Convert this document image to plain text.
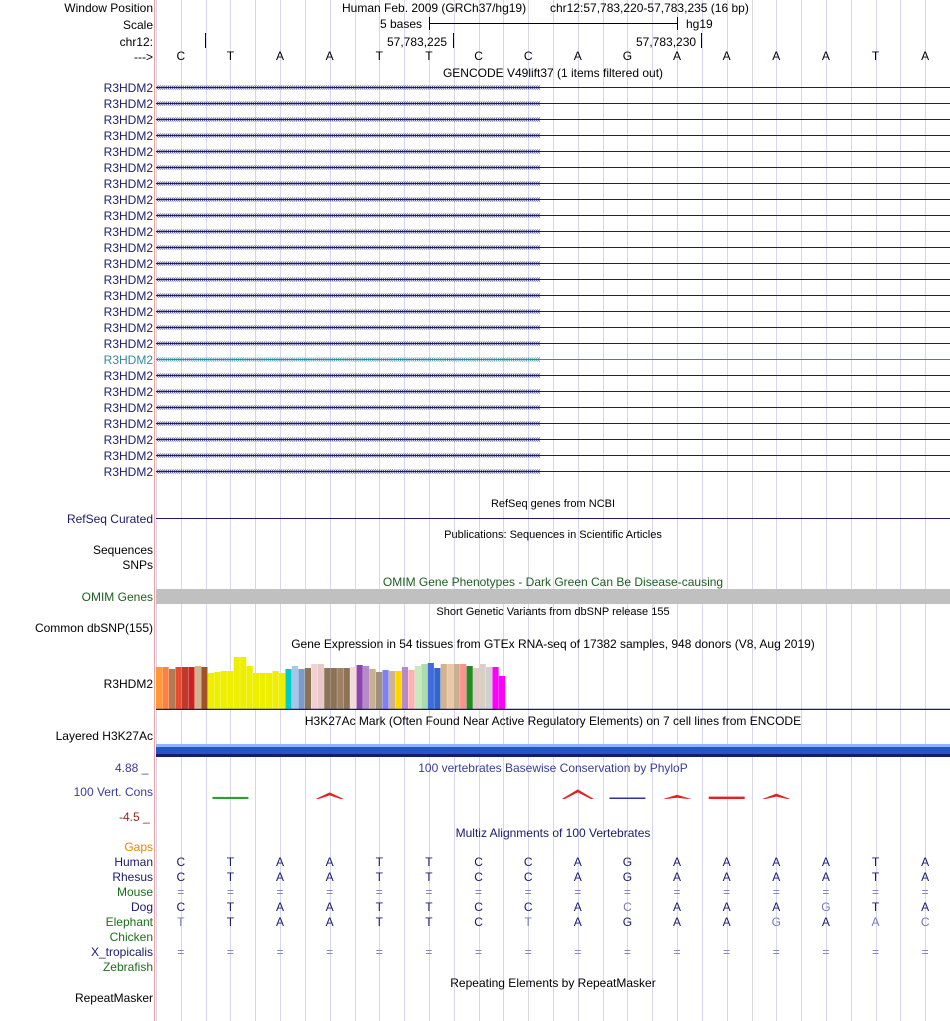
Window Position	Human Feb. 2009 (GRCh37/hg19) chr12:57,783,220-57,783,235 (16 bp)
Scale	5 bases	hg19
chr12:	57,783,225	57,783,230
--->	C	T	A	A	T	T	C	C	A	G	A	A	A	A	T	A
GENCODE V49lift37 (1 items filtered out)
R3HDM2 ‹‹‹‹‹‹‹‹‹‹‹‹‹‹‹‹‹‹‹‹‹‹‹‹‹‹‹‹‹‹‹‹‹‹‹‹‹‹‹‹‹‹‹‹‹‹‹‹‹‹‹‹‹‹‹‹‹‹‹‹‹‹‹‹‹‹‹‹‹‹‹‹‹‹‹‹‹‹‹‹‹‹‹‹‹‹‹‹‹‹‹‹‹‹‹‹‹‹‹‹‹‹‹‹‹‹‹‹‹‹‹‹‹‹‹‹‹‹‹‹‹‹‹‹‹‹‹‹‹‹‹‹‹‹‹‹‹‹‹‹‹‹‹‹‹‹‹‹‹‹‹‹‹‹‹‹‹‹‹‹‹‹‹‹‹‹‹‹‹‹‹‹‹‹‹‹‹‹‹‹
R3HDM2 ‹‹‹‹‹‹‹‹‹‹‹‹‹‹‹‹‹‹‹‹‹‹‹‹‹‹‹‹‹‹‹‹‹‹‹‹‹‹‹‹‹‹‹‹‹‹‹‹‹‹‹‹‹‹‹‹‹‹‹‹‹‹‹‹‹‹‹‹‹‹‹‹‹‹‹‹‹‹‹‹‹‹‹‹‹‹‹‹‹‹‹‹‹‹‹‹‹‹‹‹‹‹‹‹‹‹‹‹‹‹‹‹‹‹‹‹‹‹‹‹‹‹‹‹‹‹‹‹‹‹‹‹‹‹‹‹‹‹‹‹‹‹‹‹‹‹‹‹‹‹‹‹‹‹‹‹‹‹‹‹‹‹‹‹‹‹‹‹‹‹‹‹‹‹‹‹‹‹‹‹
R3HDM2 ‹‹‹‹‹‹‹‹‹‹‹‹‹‹‹‹‹‹‹‹‹‹‹‹‹‹‹‹‹‹‹‹‹‹‹‹‹‹‹‹‹‹‹‹‹‹‹‹‹‹‹‹‹‹‹‹‹‹‹‹‹‹‹‹‹‹‹‹‹‹‹‹‹‹‹‹‹‹‹‹‹‹‹‹‹‹‹‹‹‹‹‹‹‹‹‹‹‹‹‹‹‹‹‹‹‹‹‹‹‹‹‹‹‹‹‹‹‹‹‹‹‹‹‹‹‹‹‹‹‹‹‹‹‹‹‹‹‹‹‹‹‹‹‹‹‹‹‹‹‹‹‹‹‹‹‹‹‹‹‹‹‹‹‹‹‹‹‹‹‹‹‹‹‹‹‹‹‹‹‹
R3HDM2 ‹‹‹‹‹‹‹‹‹‹‹‹‹‹‹‹‹‹‹‹‹‹‹‹‹‹‹‹‹‹‹‹‹‹‹‹‹‹‹‹‹‹‹‹‹‹‹‹‹‹‹‹‹‹‹‹‹‹‹‹‹‹‹‹‹‹‹‹‹‹‹‹‹‹‹‹‹‹‹‹‹‹‹‹‹‹‹‹‹‹‹‹‹‹‹‹‹‹‹‹‹‹‹‹‹‹‹‹‹‹‹‹‹‹‹‹‹‹‹‹‹‹‹‹‹‹‹‹‹‹‹‹‹‹‹‹‹‹‹‹‹‹‹‹‹‹‹‹‹‹‹‹‹‹‹‹‹‹‹‹‹‹‹‹‹‹‹‹‹‹‹‹‹‹‹‹‹‹‹‹
R3HDM2 ‹‹‹‹‹‹‹‹‹‹‹‹‹‹‹‹‹‹‹‹‹‹‹‹‹‹‹‹‹‹‹‹‹‹‹‹‹‹‹‹‹‹‹‹‹‹‹‹‹‹‹‹‹‹‹‹‹‹‹‹‹‹‹‹‹‹‹‹‹‹‹‹‹‹‹‹‹‹‹‹‹‹‹‹‹‹‹‹‹‹‹‹‹‹‹‹‹‹‹‹‹‹‹‹‹‹‹‹‹‹‹‹‹‹‹‹‹‹‹‹‹‹‹‹‹‹‹‹‹‹‹‹‹‹‹‹‹‹‹‹‹‹‹‹‹‹‹‹‹‹‹‹‹‹‹‹‹‹‹‹‹‹‹‹‹‹‹‹‹‹‹‹‹‹‹‹‹‹‹‹
R3HDM2 ‹‹‹‹‹‹‹‹‹‹‹‹‹‹‹‹‹‹‹‹‹‹‹‹‹‹‹‹‹‹‹‹‹‹‹‹‹‹‹‹‹‹‹‹‹‹‹‹‹‹‹‹‹‹‹‹‹‹‹‹‹‹‹‹‹‹‹‹‹‹‹‹‹‹‹‹‹‹‹‹‹‹‹‹‹‹‹‹‹‹‹‹‹‹‹‹‹‹‹‹‹‹‹‹‹‹‹‹‹‹‹‹‹‹‹‹‹‹‹‹‹‹‹‹‹‹‹‹‹‹‹‹‹‹‹‹‹‹‹‹‹‹‹‹‹‹‹‹‹‹‹‹‹‹‹‹‹‹‹‹‹‹‹‹‹‹‹‹‹‹‹‹‹‹‹‹‹‹‹‹
R3HDM2 ‹‹‹‹‹‹‹‹‹‹‹‹‹‹‹‹‹‹‹‹‹‹‹‹‹‹‹‹‹‹‹‹‹‹‹‹‹‹‹‹‹‹‹‹‹‹‹‹‹‹‹‹‹‹‹‹‹‹‹‹‹‹‹‹‹‹‹‹‹‹‹‹‹‹‹‹‹‹‹‹‹‹‹‹‹‹‹‹‹‹‹‹‹‹‹‹‹‹‹‹‹‹‹‹‹‹‹‹‹‹‹‹‹‹‹‹‹‹‹‹‹‹‹‹‹‹‹‹‹‹‹‹‹‹‹‹‹‹‹‹‹‹‹‹‹‹‹‹‹‹‹‹‹‹‹‹‹‹‹‹‹‹‹‹‹‹‹‹‹‹‹‹‹‹‹‹‹‹‹‹
R3HDM2 ‹‹‹‹‹‹‹‹‹‹‹‹‹‹‹‹‹‹‹‹‹‹‹‹‹‹‹‹‹‹‹‹‹‹‹‹‹‹‹‹‹‹‹‹‹‹‹‹‹‹‹‹‹‹‹‹‹‹‹‹‹‹‹‹‹‹‹‹‹‹‹‹‹‹‹‹‹‹‹‹‹‹‹‹‹‹‹‹‹‹‹‹‹‹‹‹‹‹‹‹‹‹‹‹‹‹‹‹‹‹‹‹‹‹‹‹‹‹‹‹‹‹‹‹‹‹‹‹‹‹‹‹‹‹‹‹‹‹‹‹‹‹‹‹‹‹‹‹‹‹‹‹‹‹‹‹‹‹‹‹‹‹‹‹‹‹‹‹‹‹‹‹‹‹‹‹‹‹‹‹
R3HDM2 ‹‹‹‹‹‹‹‹‹‹‹‹‹‹‹‹‹‹‹‹‹‹‹‹‹‹‹‹‹‹‹‹‹‹‹‹‹‹‹‹‹‹‹‹‹‹‹‹‹‹‹‹‹‹‹‹‹‹‹‹‹‹‹‹‹‹‹‹‹‹‹‹‹‹‹‹‹‹‹‹‹‹‹‹‹‹‹‹‹‹‹‹‹‹‹‹‹‹‹‹‹‹‹‹‹‹‹‹‹‹‹‹‹‹‹‹‹‹‹‹‹‹‹‹‹‹‹‹‹‹‹‹‹‹‹‹‹‹‹‹‹‹‹‹‹‹‹‹‹‹‹‹‹‹‹‹‹‹‹‹‹‹‹‹‹‹‹‹‹‹‹‹‹‹‹‹‹‹‹‹
R3HDM2 ‹‹‹‹‹‹‹‹‹‹‹‹‹‹‹‹‹‹‹‹‹‹‹‹‹‹‹‹‹‹‹‹‹‹‹‹‹‹‹‹‹‹‹‹‹‹‹‹‹‹‹‹‹‹‹‹‹‹‹‹‹‹‹‹‹‹‹‹‹‹‹‹‹‹‹‹‹‹‹‹‹‹‹‹‹‹‹‹‹‹‹‹‹‹‹‹‹‹‹‹‹‹‹‹‹‹‹‹‹‹‹‹‹‹‹‹‹‹‹‹‹‹‹‹‹‹‹‹‹‹‹‹‹‹‹‹‹‹‹‹‹‹‹‹‹‹‹‹‹‹‹‹‹‹‹‹‹‹‹‹‹‹‹‹‹‹‹‹‹‹‹‹‹‹‹‹‹‹‹‹
R3HDM2 ‹‹‹‹‹‹‹‹‹‹‹‹‹‹‹‹‹‹‹‹‹‹‹‹‹‹‹‹‹‹‹‹‹‹‹‹‹‹‹‹‹‹‹‹‹‹‹‹‹‹‹‹‹‹‹‹‹‹‹‹‹‹‹‹‹‹‹‹‹‹‹‹‹‹‹‹‹‹‹‹‹‹‹‹‹‹‹‹‹‹‹‹‹‹‹‹‹‹‹‹‹‹‹‹‹‹‹‹‹‹‹‹‹‹‹‹‹‹‹‹‹‹‹‹‹‹‹‹‹‹‹‹‹‹‹‹‹‹‹‹‹‹‹‹‹‹‹‹‹‹‹‹‹‹‹‹‹‹‹‹‹‹‹‹‹‹‹‹‹‹‹‹‹‹‹‹‹‹‹‹
R3HDM2 ‹‹‹‹‹‹‹‹‹‹‹‹‹‹‹‹‹‹‹‹‹‹‹‹‹‹‹‹‹‹‹‹‹‹‹‹‹‹‹‹‹‹‹‹‹‹‹‹‹‹‹‹‹‹‹‹‹‹‹‹‹‹‹‹‹‹‹‹‹‹‹‹‹‹‹‹‹‹‹‹‹‹‹‹‹‹‹‹‹‹‹‹‹‹‹‹‹‹‹‹‹‹‹‹‹‹‹‹‹‹‹‹‹‹‹‹‹‹‹‹‹‹‹‹‹‹‹‹‹‹‹‹‹‹‹‹‹‹‹‹‹‹‹‹‹‹‹‹‹‹‹‹‹‹‹‹‹‹‹‹‹‹‹‹‹‹‹‹‹‹‹‹‹‹‹‹‹‹‹‹
R3HDM2 ‹‹‹‹‹‹‹‹‹‹‹‹‹‹‹‹‹‹‹‹‹‹‹‹‹‹‹‹‹‹‹‹‹‹‹‹‹‹‹‹‹‹‹‹‹‹‹‹‹‹‹‹‹‹‹‹‹‹‹‹‹‹‹‹‹‹‹‹‹‹‹‹‹‹‹‹‹‹‹‹‹‹‹‹‹‹‹‹‹‹‹‹‹‹‹‹‹‹‹‹‹‹‹‹‹‹‹‹‹‹‹‹‹‹‹‹‹‹‹‹‹‹‹‹‹‹‹‹‹‹‹‹‹‹‹‹‹‹‹‹‹‹‹‹‹‹‹‹‹‹‹‹‹‹‹‹‹‹‹‹‹‹‹‹‹‹‹‹‹‹‹‹‹‹‹‹‹‹‹‹
R3HDM2 ‹‹‹‹‹‹‹‹‹‹‹‹‹‹‹‹‹‹‹‹‹‹‹‹‹‹‹‹‹‹‹‹‹‹‹‹‹‹‹‹‹‹‹‹‹‹‹‹‹‹‹‹‹‹‹‹‹‹‹‹‹‹‹‹‹‹‹‹‹‹‹‹‹‹‹‹‹‹‹‹‹‹‹‹‹‹‹‹‹‹‹‹‹‹‹‹‹‹‹‹‹‹‹‹‹‹‹‹‹‹‹‹‹‹‹‹‹‹‹‹‹‹‹‹‹‹‹‹‹‹‹‹‹‹‹‹‹‹‹‹‹‹‹‹‹‹‹‹‹‹‹‹‹‹‹‹‹‹‹‹‹‹‹‹‹‹‹‹‹‹‹‹‹‹‹‹‹‹‹‹
R3HDM2 ‹‹‹‹‹‹‹‹‹‹‹‹‹‹‹‹‹‹‹‹‹‹‹‹‹‹‹‹‹‹‹‹‹‹‹‹‹‹‹‹‹‹‹‹‹‹‹‹‹‹‹‹‹‹‹‹‹‹‹‹‹‹‹‹‹‹‹‹‹‹‹‹‹‹‹‹‹‹‹‹‹‹‹‹‹‹‹‹‹‹‹‹‹‹‹‹‹‹‹‹‹‹‹‹‹‹‹‹‹‹‹‹‹‹‹‹‹‹‹‹‹‹‹‹‹‹‹‹‹‹‹‹‹‹‹‹‹‹‹‹‹‹‹‹‹‹‹‹‹‹‹‹‹‹‹‹‹‹‹‹‹‹‹‹‹‹‹‹‹‹‹‹‹‹‹‹‹‹‹‹
R3HDM2 ‹‹‹‹‹‹‹‹‹‹‹‹‹‹‹‹‹‹‹‹‹‹‹‹‹‹‹‹‹‹‹‹‹‹‹‹‹‹‹‹‹‹‹‹‹‹‹‹‹‹‹‹‹‹‹‹‹‹‹‹‹‹‹‹‹‹‹‹‹‹‹‹‹‹‹‹‹‹‹‹‹‹‹‹‹‹‹‹‹‹‹‹‹‹‹‹‹‹‹‹‹‹‹‹‹‹‹‹‹‹‹‹‹‹‹‹‹‹‹‹‹‹‹‹‹‹‹‹‹‹‹‹‹‹‹‹‹‹‹‹‹‹‹‹‹‹‹‹‹‹‹‹‹‹‹‹‹‹‹‹‹‹‹‹‹‹‹‹‹‹‹‹‹‹‹‹‹‹‹‹
R3HDM2 ‹‹‹‹‹‹‹‹‹‹‹‹‹‹‹‹‹‹‹‹‹‹‹‹‹‹‹‹‹‹‹‹‹‹‹‹‹‹‹‹‹‹‹‹‹‹‹‹‹‹‹‹‹‹‹‹‹‹‹‹‹‹‹‹‹‹‹‹‹‹‹‹‹‹‹‹‹‹‹‹‹‹‹‹‹‹‹‹‹‹‹‹‹‹‹‹‹‹‹‹‹‹‹‹‹‹‹‹‹‹‹‹‹‹‹‹‹‹‹‹‹‹‹‹‹‹‹‹‹‹‹‹‹‹‹‹‹‹‹‹‹‹‹‹‹‹‹‹‹‹‹‹‹‹‹‹‹‹‹‹‹‹‹‹‹‹‹‹‹‹‹‹‹‹‹‹‹‹‹‹
R3HDM2 ‹‹‹‹‹‹‹‹‹‹‹‹‹‹‹‹‹‹‹‹‹‹‹‹‹‹‹‹‹‹‹‹‹‹‹‹‹‹‹‹‹‹‹‹‹‹‹‹‹‹‹‹‹‹‹‹‹‹‹‹‹‹‹‹‹‹‹‹‹‹‹‹‹‹‹‹‹‹‹‹‹‹‹‹‹‹‹‹‹‹‹‹‹‹‹‹‹‹‹‹‹‹‹‹‹‹‹‹‹‹‹‹‹‹‹‹‹‹‹‹‹‹‹‹‹‹‹‹‹‹‹‹‹‹‹‹‹‹‹‹‹‹‹‹‹‹‹‹‹‹‹‹‹‹‹‹‹‹‹‹‹‹‹‹‹‹‹‹‹‹‹‹‹‹‹‹‹‹‹‹
R3HDM2 ‹‹‹‹‹‹‹‹‹‹‹‹‹‹‹‹‹‹‹‹‹‹‹‹‹‹‹‹‹‹‹‹‹‹‹‹‹‹‹‹‹‹‹‹‹‹‹‹‹‹‹‹‹‹‹‹‹‹‹‹‹‹‹‹‹‹‹‹‹‹‹‹‹‹‹‹‹‹‹‹‹‹‹‹‹‹‹‹‹‹‹‹‹‹‹‹‹‹‹‹‹‹‹‹‹‹‹‹‹‹‹‹‹‹‹‹‹‹‹‹‹‹‹‹‹‹‹‹‹‹‹‹‹‹‹‹‹‹‹‹‹‹‹‹‹‹‹‹‹‹‹‹‹‹‹‹‹‹‹‹‹‹‹‹‹‹‹‹‹‹‹‹‹‹‹‹‹‹‹‹
R3HDM2 ‹‹‹‹‹‹‹‹‹‹‹‹‹‹‹‹‹‹‹‹‹‹‹‹‹‹‹‹‹‹‹‹‹‹‹‹‹‹‹‹‹‹‹‹‹‹‹‹‹‹‹‹‹‹‹‹‹‹‹‹‹‹‹‹‹‹‹‹‹‹‹‹‹‹‹‹‹‹‹‹‹‹‹‹‹‹‹‹‹‹‹‹‹‹‹‹‹‹‹‹‹‹‹‹‹‹‹‹‹‹‹‹‹‹‹‹‹‹‹‹‹‹‹‹‹‹‹‹‹‹‹‹‹‹‹‹‹‹‹‹‹‹‹‹‹‹‹‹‹‹‹‹‹‹‹‹‹‹‹‹‹‹‹‹‹‹‹‹‹‹‹‹‹‹‹‹‹‹‹‹
R3HDM2 ‹‹‹‹‹‹‹‹‹‹‹‹‹‹‹‹‹‹‹‹‹‹‹‹‹‹‹‹‹‹‹‹‹‹‹‹‹‹‹‹‹‹‹‹‹‹‹‹‹‹‹‹‹‹‹‹‹‹‹‹‹‹‹‹‹‹‹‹‹‹‹‹‹‹‹‹‹‹‹‹‹‹‹‹‹‹‹‹‹‹‹‹‹‹‹‹‹‹‹‹‹‹‹‹‹‹‹‹‹‹‹‹‹‹‹‹‹‹‹‹‹‹‹‹‹‹‹‹‹‹‹‹‹‹‹‹‹‹‹‹‹‹‹‹‹‹‹‹‹‹‹‹‹‹‹‹‹‹‹‹‹‹‹‹‹‹‹‹‹‹‹‹‹‹‹‹‹‹‹‹
R3HDM2 ‹‹‹‹‹‹‹‹‹‹‹‹‹‹‹‹‹‹‹‹‹‹‹‹‹‹‹‹‹‹‹‹‹‹‹‹‹‹‹‹‹‹‹‹‹‹‹‹‹‹‹‹‹‹‹‹‹‹‹‹‹‹‹‹‹‹‹‹‹‹‹‹‹‹‹‹‹‹‹‹‹‹‹‹‹‹‹‹‹‹‹‹‹‹‹‹‹‹‹‹‹‹‹‹‹‹‹‹‹‹‹‹‹‹‹‹‹‹‹‹‹‹‹‹‹‹‹‹‹‹‹‹‹‹‹‹‹‹‹‹‹‹‹‹‹‹‹‹‹‹‹‹‹‹‹‹‹‹‹‹‹‹‹‹‹‹‹‹‹‹‹‹‹‹‹‹‹‹‹‹
R3HDM2 ‹‹‹‹‹‹‹‹‹‹‹‹‹‹‹‹‹‹‹‹‹‹‹‹‹‹‹‹‹‹‹‹‹‹‹‹‹‹‹‹‹‹‹‹‹‹‹‹‹‹‹‹‹‹‹‹‹‹‹‹‹‹‹‹‹‹‹‹‹‹‹‹‹‹‹‹‹‹‹‹‹‹‹‹‹‹‹‹‹‹‹‹‹‹‹‹‹‹‹‹‹‹‹‹‹‹‹‹‹‹‹‹‹‹‹‹‹‹‹‹‹‹‹‹‹‹‹‹‹‹‹‹‹‹‹‹‹‹‹‹‹‹‹‹‹‹‹‹‹‹‹‹‹‹‹‹‹‹‹‹‹‹‹‹‹‹‹‹‹‹‹‹‹‹‹‹‹‹‹‹
R3HDM2 ‹‹‹‹‹‹‹‹‹‹‹‹‹‹‹‹‹‹‹‹‹‹‹‹‹‹‹‹‹‹‹‹‹‹‹‹‹‹‹‹‹‹‹‹‹‹‹‹‹‹‹‹‹‹‹‹‹‹‹‹‹‹‹‹‹‹‹‹‹‹‹‹‹‹‹‹‹‹‹‹‹‹‹‹‹‹‹‹‹‹‹‹‹‹‹‹‹‹‹‹‹‹‹‹‹‹‹‹‹‹‹‹‹‹‹‹‹‹‹‹‹‹‹‹‹‹‹‹‹‹‹‹‹‹‹‹‹‹‹‹‹‹‹‹‹‹‹‹‹‹‹‹‹‹‹‹‹‹‹‹‹‹‹‹‹‹‹‹‹‹‹‹‹‹‹‹‹‹‹‹
R3HDM2 ‹‹‹‹‹‹‹‹‹‹‹‹‹‹‹‹‹‹‹‹‹‹‹‹‹‹‹‹‹‹‹‹‹‹‹‹‹‹‹‹‹‹‹‹‹‹‹‹‹‹‹‹‹‹‹‹‹‹‹‹‹‹‹‹‹‹‹‹‹‹‹‹‹‹‹‹‹‹‹‹‹‹‹‹‹‹‹‹‹‹‹‹‹‹‹‹‹‹‹‹‹‹‹‹‹‹‹‹‹‹‹‹‹‹‹‹‹‹‹‹‹‹‹‹‹‹‹‹‹‹‹‹‹‹‹‹‹‹‹‹‹‹‹‹‹‹‹‹‹‹‹‹‹‹‹‹‹‹‹‹‹‹‹‹‹‹‹‹‹‹‹‹‹‹‹‹‹‹‹‹
RefSeq genes from NCBI
RefSeq Curated
Publications: Sequences in Scientific Articles
Sequences
SNPs
OMIM Gene Phenotypes - Dark Green Can Be Disease-causing
OMIM Genes
Short Genetic Variants from dbSNP release 155
Common dbSNP(155)
Gene Expression in 54 tissues from GTEx RNA-seq of 17382 samples, 948 donors (V8, Aug 2019)
R3HDM2
H3K27Ac Mark (Often Found Near Active Regulatory Elements) on 7 cell lines from ENCODE
Layered H3K27Ac
4.88 _	100 vertebrates Basewise Conservation by PhyloP
100 Vert. Cons
-4.5 _
Multiz Alignments of 100 Vertebrates
Gaps
Human	C	T	A	A	T	T	C	C	A	G	A	A	A	A	T	A
Rhesus	C	T	A	A	T	T	C	C	A	G	A	A	A	A	T	A
Mouse	=	=	=	=	=	=	=	=	=	=	=	=	=	=	=	=
Dog	C	T	A	A	T	T	C	C	A	C	A	A	A	G	T	A
Elephant	T	T	A	A	T	T	C	T	A	G	A	A	G	A	A	C
Chicken
X_tropicalis	=	=	=	=	=	=	=	=	=	=	=	=	=	=	=	=
Zebrafish
Repeating Elements by RepeatMasker
RepeatMasker
